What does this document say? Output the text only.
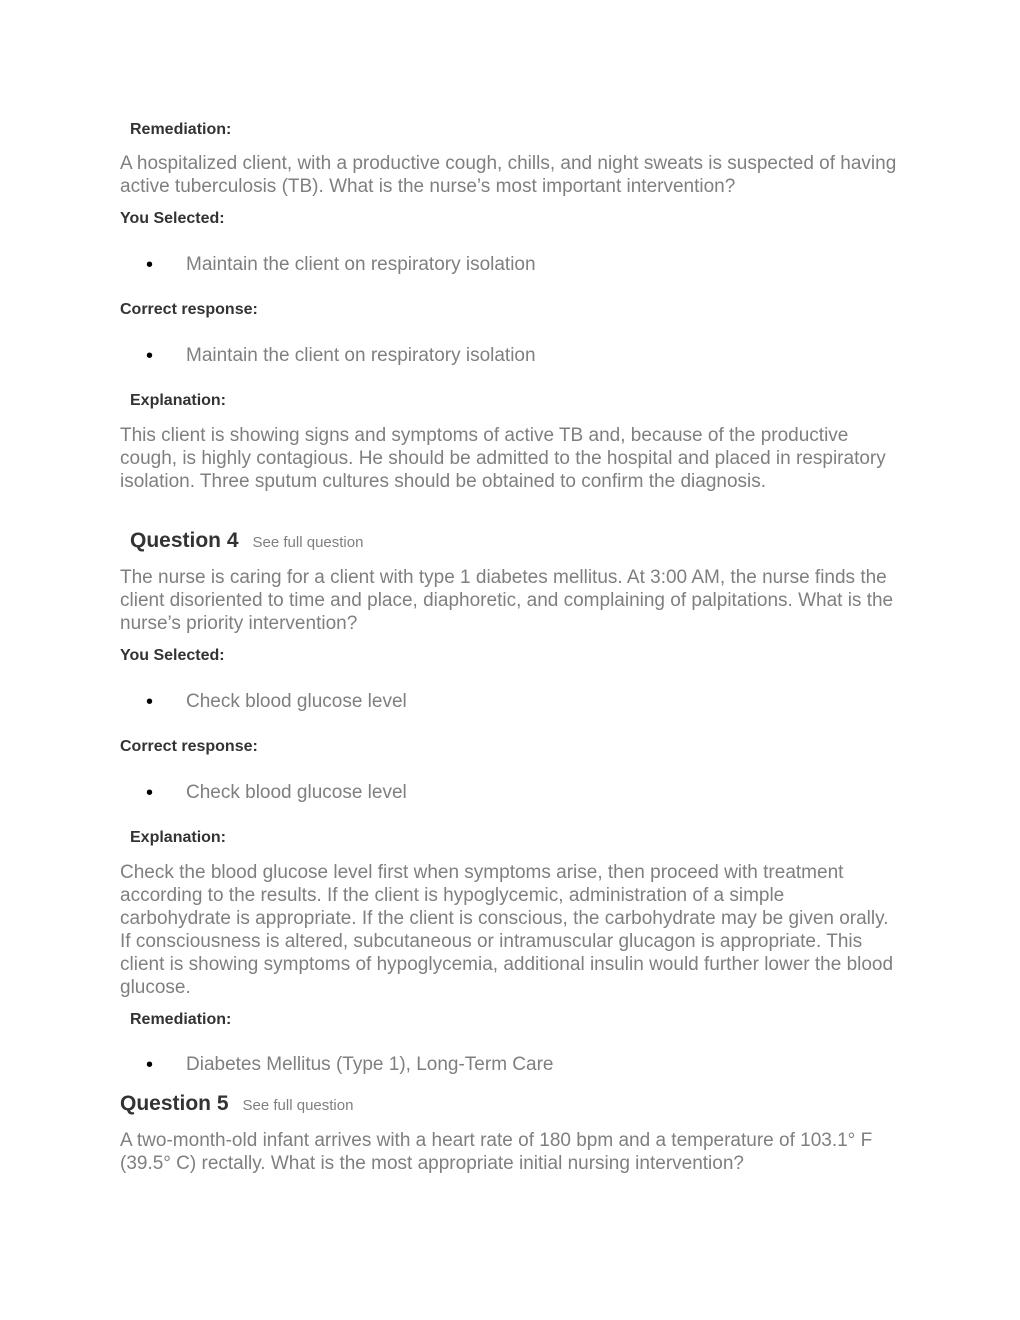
Remediation:

A hospitalized client, with a productive cough, chills, and night sweats is suspected of having active tuberculosis (TB). What is the nurse’s most important intervention?

You Selected:
• Maintain the client on respiratory isolation
Correct response:
• Maintain the client on respiratory isolation
Explanation:

This client is showing signs and symptoms of active TB and, because of the productive cough, is highly contagious. He should be admitted to the hospital and placed in respiratory isolation. Three sputum cultures should be obtained to confirm the diagnosis.

Question 4 See full question

The nurse is caring for a client with type 1 diabetes mellitus. At 3:00 AM, the nurse finds the client disoriented to time and place, diaphoretic, and complaining of palpitations. What is the nurse’s priority intervention?

You Selected:
• Check blood glucose level
Correct response:
• Check blood glucose level
Explanation:

Check the blood glucose level first when symptoms arise, then proceed with treatment according to the results. If the client is hypoglycemic, administration of a simple carbohydrate is appropriate. If the client is conscious, the carbohydrate may be given orally. If consciousness is altered, subcutaneous or intramuscular glucagon is appropriate. This client is showing symptoms of hypoglycemia, additional insulin would further lower the blood glucose.

Remediation:
• Diabetes Mellitus (Type 1), Long-Term Care
Question 5 See full question

A two-month-old infant arrives with a heart rate of 180 bpm and a temperature of 103.1° F (39.5° C) rectally. What is the most appropriate initial nursing intervention?
